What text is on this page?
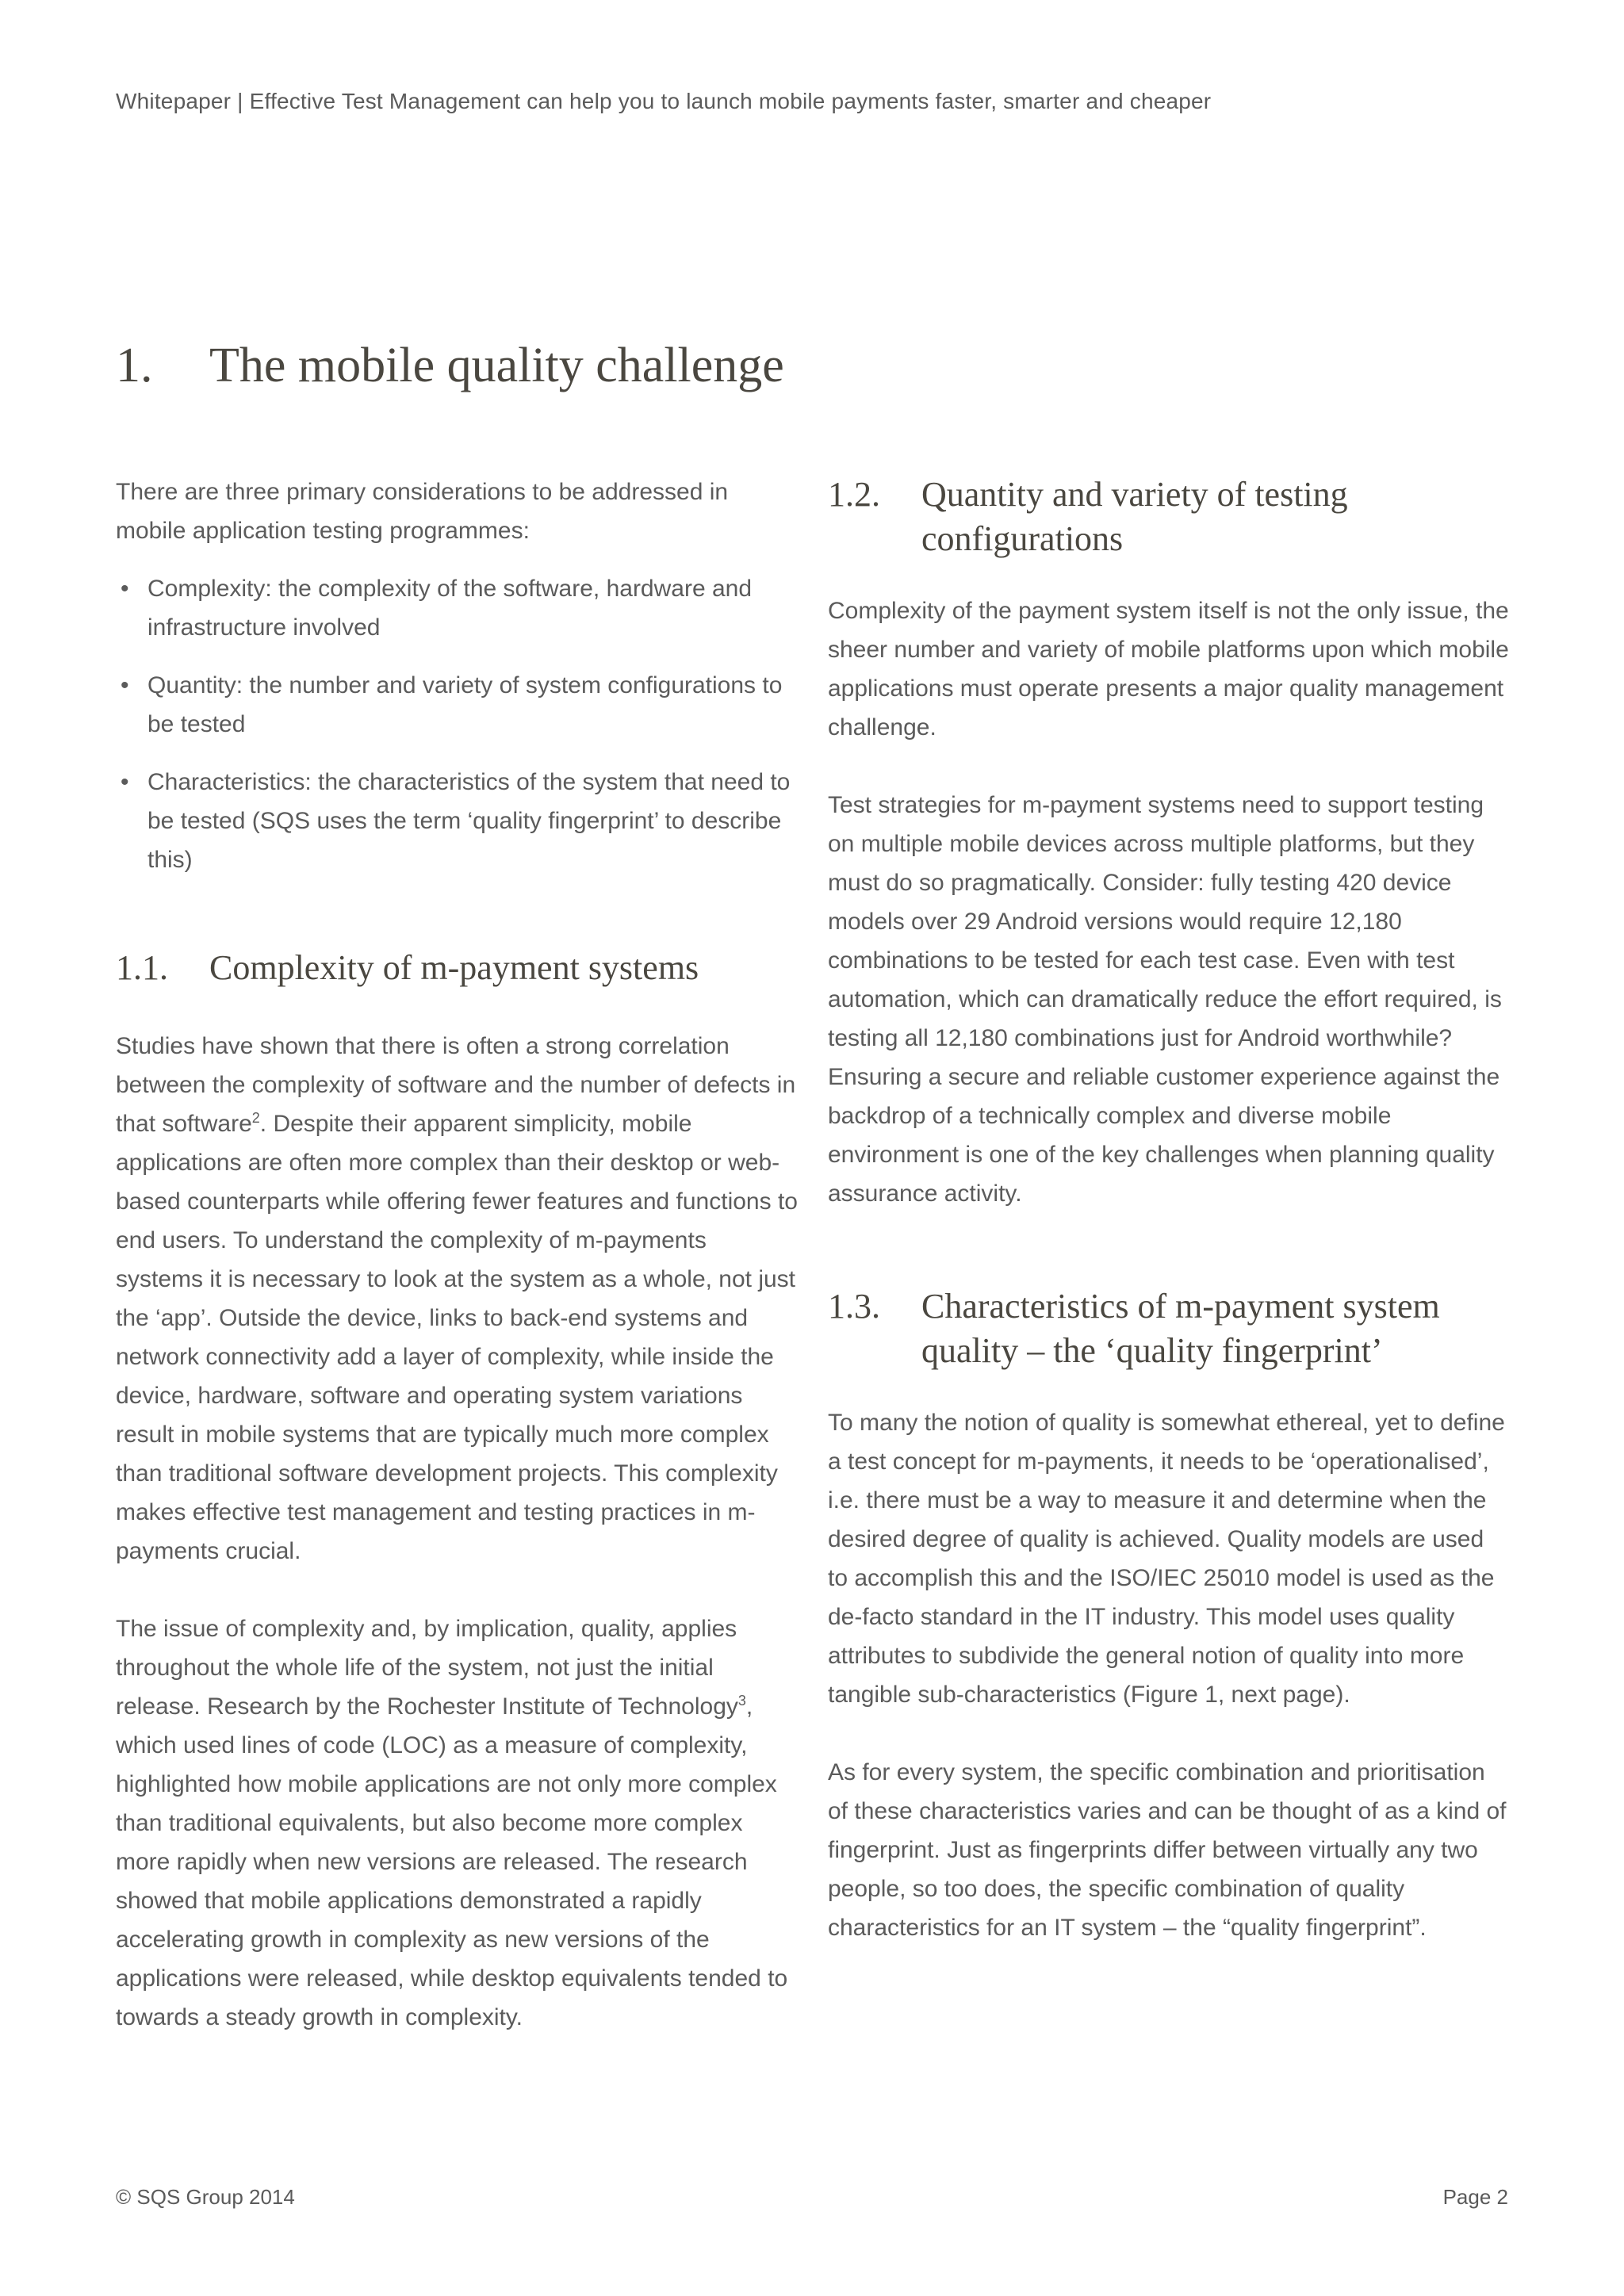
Whitepaper | Effective Test Management can help you to launch mobile payments faster, smarter and cheaper
1. The mobile quality challenge

There are three primary considerations to be addressed in mobile application testing programmes:

• Complexity: the complexity of the software, hardware and infrastructure involved
• Quantity: the number and variety of system configurations to be tested
• Characteristics: the characteristics of the system that need to be tested (SQS uses the term ‘quality fingerprint’ to describe this)
1.1.	Complexity of m-payment systems

Studies have shown that there is often a strong correlation between the complexity of software and the number of defects in that software$^2$. Despite their apparent simplicity, mobile applications are often more complex than their desktop or web-based counterparts while offering fewer features and functions to end users. To understand the complexity of m-payments systems it is necessary to look at the system as a whole, not just the ‘app’. Outside the device, links to back-end systems and network connectivity add a layer of complexity, while inside the device, hardware, software and operating system variations result in mobile systems that are typically much more complex than traditional software development projects. This complexity makes effective test management and testing practices in m-payments crucial.

The issue of complexity and, by implication, quality, applies throughout the whole life of the system, not just the initial release. Research by the Rochester Institute of Technology$^3$, which used lines of code (LOC) as a measure of complexity, highlighted how mobile applications are not only more complex than traditional equivalents, but also become more complex more rapidly when new versions are released. The research showed that mobile applications demonstrated a rapidly accelerating growth in complexity as new versions of the applications were released, while desktop equivalents tended to towards a steady growth in complexity.

1.2.	Quantity and variety of testing configurations

Complexity of the payment system itself is not the only issue, the sheer number and variety of mobile platforms upon which mobile applications must operate presents a major quality management challenge.

Test strategies for m-payment systems need to support testing on multiple mobile devices across multiple platforms, but they must do so pragmatically. Consider: fully testing 420 device models over 29 Android versions would require 12,180 combinations to be tested for each test case. Even with test automation, which can dramatically reduce the effort required, is testing all 12,180 combinations just for Android worthwhile? Ensuring a secure and reliable customer experience against the backdrop of a technically complex and diverse mobile environment is one of the key challenges when planning quality assurance activity.

1.3.	Characteristics of m-payment system quality – the ‘quality fingerprint’

To many the notion of quality is somewhat ethereal, yet to define a test concept for m-payments, it needs to be ‘operationalised’, i.e. there must be a way to measure it and determine when the desired degree of quality is achieved. Quality models are used to accomplish this and the ISO/IEC 25010 model is used as the de-facto standard in the IT industry. This model uses quality attributes to subdivide the general notion of quality into more tangible sub-characteristics (Figure 1, next page).

As for every system, the specific combination and prioritisation of these characteristics varies and can be thought of as a kind of fingerprint. Just as fingerprints differ between virtually any two people, so too does, the specific combination of quality characteristics for an IT system – the “quality fingerprint”.

© SQS Group 2014	Page 2
